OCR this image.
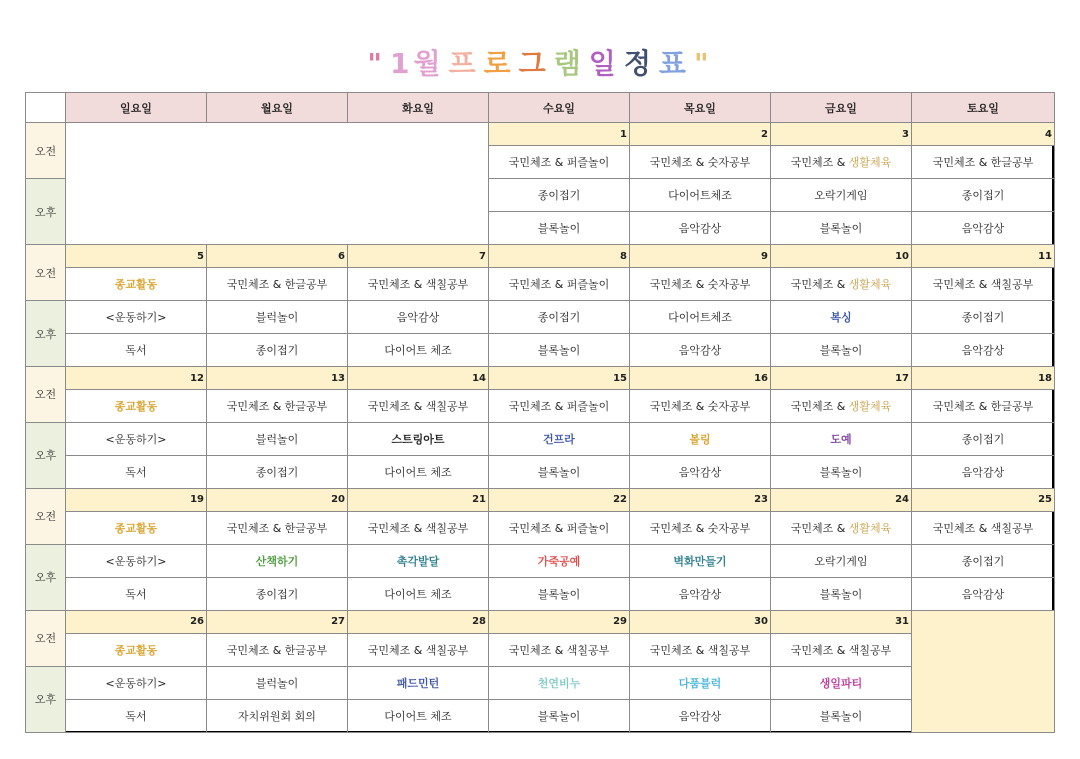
" 1월 프 로 그 램 일 정 표 "
	일요일	월요일	화요일	수요일	목요일	금요일	토요일
오전				1	2	3	4
				국민체조 & 퍼즐놀이	국민체조 & 숫자공부	국민체조 & 생활체육	국민체조 & 한글공부
오후				종이접기	다이어트체조	오락기게임	종이접기
				블록놀이	음악감상	블록놀이	음악감상
오전	5	6	7	8	9	10	11
	종교활동	국민체조 & 한글공부	국민체조 & 색칠공부	국민체조 & 퍼즐놀이	국민체조 & 숫자공부	국민체조 & 생활체육	국민체조 & 색칠공부
오후	<운동하기>	블럭놀이	음악감상	종이접기	다이어트체조	복싱	종이접기
	독서	종이접기	다이어트 체조	블록놀이	음악감상	블록놀이	음악감상
오전	12	13	14	15	16	17	18
	종교활동	국민체조 & 한글공부	국민체조 & 색칠공부	국민체조 & 퍼즐놀이	국민체조 & 숫자공부	국민체조 & 생활체육	국민체조 & 한글공부
오후	<운동하기>	블럭놀이	스트링아트	건프라	볼링	도예	종이접기
	독서	종이접기	다이어트 체조	블록놀이	음악감상	블록놀이	음악감상
오전	19	20	21	22	23	24	25
	종교활동	국민체조 & 한글공부	국민체조 & 색칠공부	국민체조 & 퍼즐놀이	국민체조 & 숫자공부	국민체조 & 생활체육	국민체조 & 색칠공부
오후	<운동하기>	산책하기	촉각발달	가죽공예	벽화만들기	오락기게임	종이접기
	독서	종이접기	다이어트 체조	블록놀이	음악감상	블록놀이	음악감상
오전	26	27	28	29	30	31	
	종교활동	국민체조 & 한글공부	국민체조 & 색칠공부	국민체조 & 색칠공부	국민체조 & 색칠공부	국민체조 & 색칠공부	
오후	<운동하기>	블럭놀이	패드민턴	천연비누	다품블럭	생일파티	
	독서	자치위원회 회의	다이어트 체조	블록놀이	음악감상	블록놀이	
